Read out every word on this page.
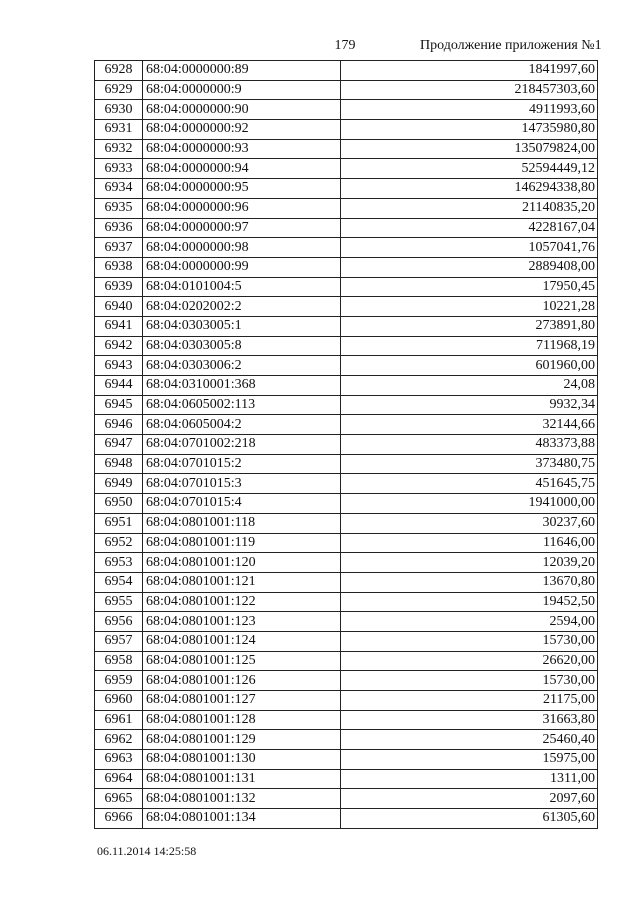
179	Продолжение приложения №1
6928	68:04:0000000:89	1841997,60
6929	68:04:0000000:9	218457303,60
6930	68:04:0000000:90	4911993,60
6931	68:04:0000000:92	14735980,80
6932	68:04:0000000:93	135079824,00
6933	68:04:0000000:94	52594449,12
6934	68:04:0000000:95	146294338,80
6935	68:04:0000000:96	21140835,20
6936	68:04:0000000:97	4228167,04
6937	68:04:0000000:98	1057041,76
6938	68:04:0000000:99	2889408,00
6939	68:04:0101004:5	17950,45
6940	68:04:0202002:2	10221,28
6941	68:04:0303005:1	273891,80
6942	68:04:0303005:8	711968,19
6943	68:04:0303006:2	601960,00
6944	68:04:0310001:368	24,08
6945	68:04:0605002:113	9932,34
6946	68:04:0605004:2	32144,66
6947	68:04:0701002:218	483373,88
6948	68:04:0701015:2	373480,75
6949	68:04:0701015:3	451645,75
6950	68:04:0701015:4	1941000,00
6951	68:04:0801001:118	30237,60
6952	68:04:0801001:119	11646,00
6953	68:04:0801001:120	12039,20
6954	68:04:0801001:121	13670,80
6955	68:04:0801001:122	19452,50
6956	68:04:0801001:123	2594,00
6957	68:04:0801001:124	15730,00
6958	68:04:0801001:125	26620,00
6959	68:04:0801001:126	15730,00
6960	68:04:0801001:127	21175,00
6961	68:04:0801001:128	31663,80
6962	68:04:0801001:129	25460,40
6963	68:04:0801001:130	15975,00
6964	68:04:0801001:131	1311,00
6965	68:04:0801001:132	2097,60
6966	68:04:0801001:134	61305,60
06.11.2014 14:25:58
